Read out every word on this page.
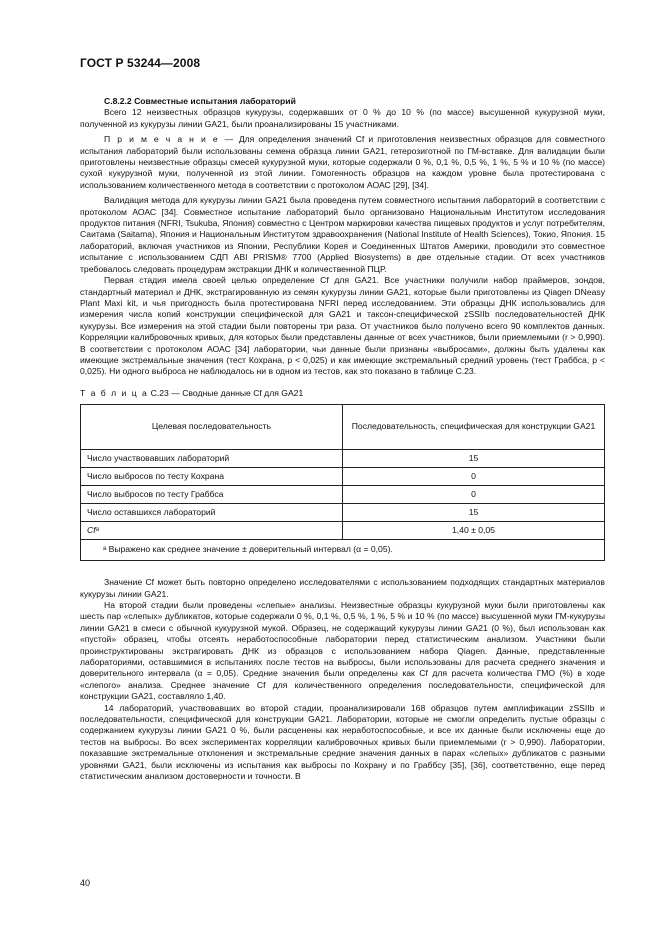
ГОСТ Р 53244—2008

С.8.2.2 Совместные испытания лабораторий

Всего 12 неизвестных образцов кукурузы, содержавших от 0 % до 10 % (по массе) высушенной кукурузной муки, полученной из кукурузы линии GA21, были проанализированы 15 участниками.

П р и м е ч а н и е — Для определения значений Cf и приготовления неизвестных образцов для совместного испытания лабораторий были использованы семена образца линии GA21, гетерозиготной по ГМ-вставке. Для валидации были приготовлены неизвестные образцы смесей кукурузной муки, которые содержали 0 %, 0,1 %, 0,5 %, 1 %, 5 % и 10 % (по массе) сухой кукурузной муки, полученной из этой линии. Гомогенность образцов на каждом уровне была протестирована с использованием количественного метода в соответствии с протоколом АОАС [29], [34].

Валидация метода для кукурузы линии GA21 была проведена путем совместного испытания лабораторий в соответствии с протоколом АОАС [34]. Совместное испытание лабораторий было организовано Национальным Институтом исследования продуктов питания (NFRI, Tsukuba, Япония) совместно с Центром маркировки качества пищевых продуктов и услуг потребителям, Саитама (Saitama), Япония и Национальным Институтом здравоохранения (National Institute of Health Sciences), Токио, Япония. 15 лабораторий, включая участников из Японии, Республики Корея и Соединенных Штатов Америки, проводили это совместное испытание с использованием СДП ABI PRISM® 7700 (Applied Biosystems) в две отдельные стадии. От всех участников требовалось следовать процедурам экстракции ДНК и количественной ПЦР.

Первая стадия имела своей целью определение Cf для GA21. Все участники получили набор праймеров, зондов, стандартный материал и ДНК, экстрагированную из семян кукурузы линии GA21, которые были приготовлены из Qiagen DNeasy Plant Maxi kit, и чья пригодность была протестирована NFRI перед исследованием. Эти образцы ДНК использовались для измерения числа копий конструкции специфической для GA21 и таксон-специфической zSSIIb последовательностей ДНК кукурузы. Все измерения на этой стадии были повторены три раза. От участников было получено всего 90 комплектов данных. Корреляции калибровочных кривых, для которых были представлены данные от всех участников, были приемлемыми (r > 0,990). В соответствии с протоколом АОАС [34] лаборатории, чьи данные были признаны «выбросами», должны быть удалены как имеющие экстремальные значения (тест Кохрана, p < 0,025) и как имеющие экстремальный средний уровень (тест Граббса, p < 0,025). Ни одного выброса не наблюдалось ни в одном из тестов, как это показано в таблице С.23.

Т а б л и ц а С.23 — Сводные данные Cf для GA21

Целевая последовательность	Последовательность, специфическая для конструкции GA21
Число участвовавших лабораторий	15
Число выбросов по тесту Кохрана	0
Число выбросов по тесту Граббса	0
Число оставшихся лабораторий	15
Cfᵃ	1,40 ± 0,05
ᵃ Выражено как среднее значение ± доверительный интервал (α = 0,05).	

Значение Cf может быть повторно определено исследователями с использованием подходящих стандартных материалов кукурузы линии GA21.

На второй стадии были проведены «слепые» анализы. Неизвестные образцы кукурузной муки были приготовлены как шесть пар «слепых» дубликатов, которые содержали 0 %, 0,1 %, 0,5 %, 1 %, 5 % и 10 % (по массе) высушенной муки ГМ-кукурузы линии GA21 в смеси с обычной кукурузной мукой. Образец, не содержащий кукурузы линии GA21 (0 %), был использован как «пустой» образец, чтобы отсеять неработоспособные лаборатории перед статистическим анализом. Участники были проинструктированы экстрагировать ДНК из образцов с использованием набора Qiagen. Данные, представленные лабораториями, оставшимися в испытаниях после тестов на выбросы, были использованы для расчета среднего значения и доверительного интервала (α = 0,05). Средние значения были определены как Cf для расчета количества ГМО (%) в ходе «слепого» анализа. Среднее значение Cf для количественного определения последовательности, специфической для конструкции GA21, составляло 1,40.

14 лабораторий, участвовавших во второй стадии, проанализировали 168 образцов путем амплификации zSSIIb и последовательности, специфической для конструкции GA21. Лаборатории, которые не смогли определить пустые образцы с содержанием кукурузы линии GA21 0 %, были расценены как неработоспособные, и все их данные были исключены еще до тестов на выбросы. Во всех экспериментах корреляции калибровочных кривых были приемлемыми (r > 0,990). Лаборатории, показавшие экстремальные отклонения и экстремальные средние значения данных в парах «слепых» дубликатов с разными уровнями GA21, были исключены из испытания как выбросы по Кохрану и по Граббсу [35], [36], соответственно, еще перед статистическим анализом достоверности и точности. В

40
